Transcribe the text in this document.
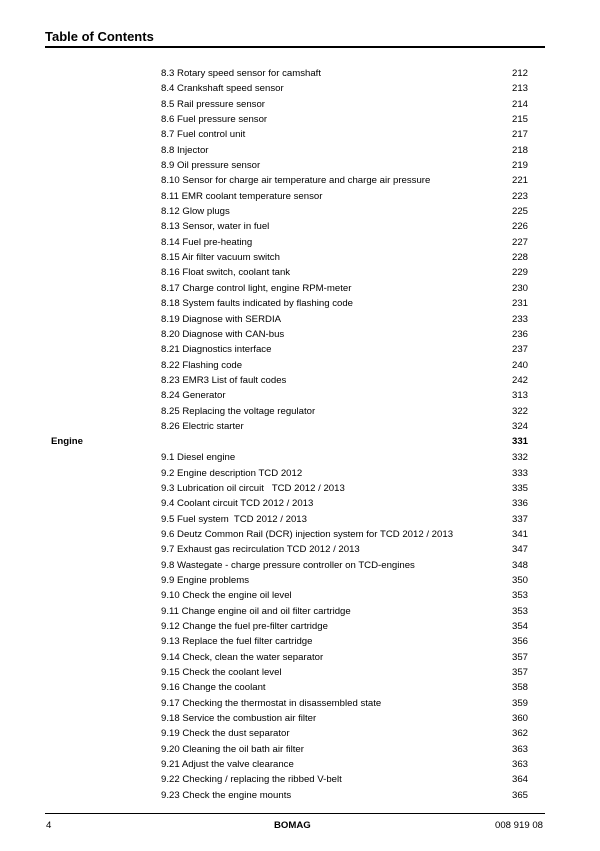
Table of Contents
8.3 Rotary speed sensor for camshaft	212
8.4 Crankshaft speed sensor	213
8.5 Rail pressure sensor	214
8.6 Fuel pressure sensor	215
8.7 Fuel control unit	217
8.8 Injector	218
8.9 Oil pressure sensor	219
8.10 Sensor for charge air temperature and charge air pressure	221
8.11 EMR coolant temperature sensor	223
8.12 Glow plugs	225
8.13 Sensor, water in fuel	226
8.14 Fuel pre-heating	227
8.15 Air filter vacuum switch	228
8.16 Float switch, coolant tank	229
8.17 Charge control light, engine RPM-meter	230
8.18 System faults indicated by flashing code	231
8.19 Diagnose with SERDIA	233
8.20 Diagnose with CAN-bus	236
8.21 Diagnostics interface	237
8.22 Flashing code	240
8.23 EMR3 List of fault codes	242
8.24 Generator	313
8.25 Replacing the voltage regulator	322
8.26 Electric starter	324
Engine	331
9.1 Diesel engine	332
9.2 Engine description TCD 2012	333
9.3 Lubrication oil circuit   TCD 2012 / 2013	335
9.4 Coolant circuit TCD 2012 / 2013	336
9.5 Fuel system  TCD 2012 / 2013	337
9.6 Deutz Common Rail (DCR) injection system for TCD 2012 / 2013	341
9.7 Exhaust gas recirculation TCD 2012 / 2013	347
9.8 Wastegate - charge pressure controller on TCD-engines	348
9.9 Engine problems	350
9.10 Check the engine oil level	353
9.11 Change engine oil and oil filter cartridge	353
9.12 Change the fuel pre-filter cartridge	354
9.13 Replace the fuel filter cartridge	356
9.14 Check, clean the water separator	357
9.15 Check the coolant level	357
9.16 Change the coolant	358
9.17 Checking the thermostat in disassembled state	359
9.18 Service the combustion air filter	360
9.19 Check the dust separator	362
9.20 Cleaning the oil bath air filter	363
9.21 Adjust the valve clearance	363
9.22 Checking / replacing the ribbed V-belt	364
9.23 Check the engine mounts	365
4	BOMAG	008 919 08
